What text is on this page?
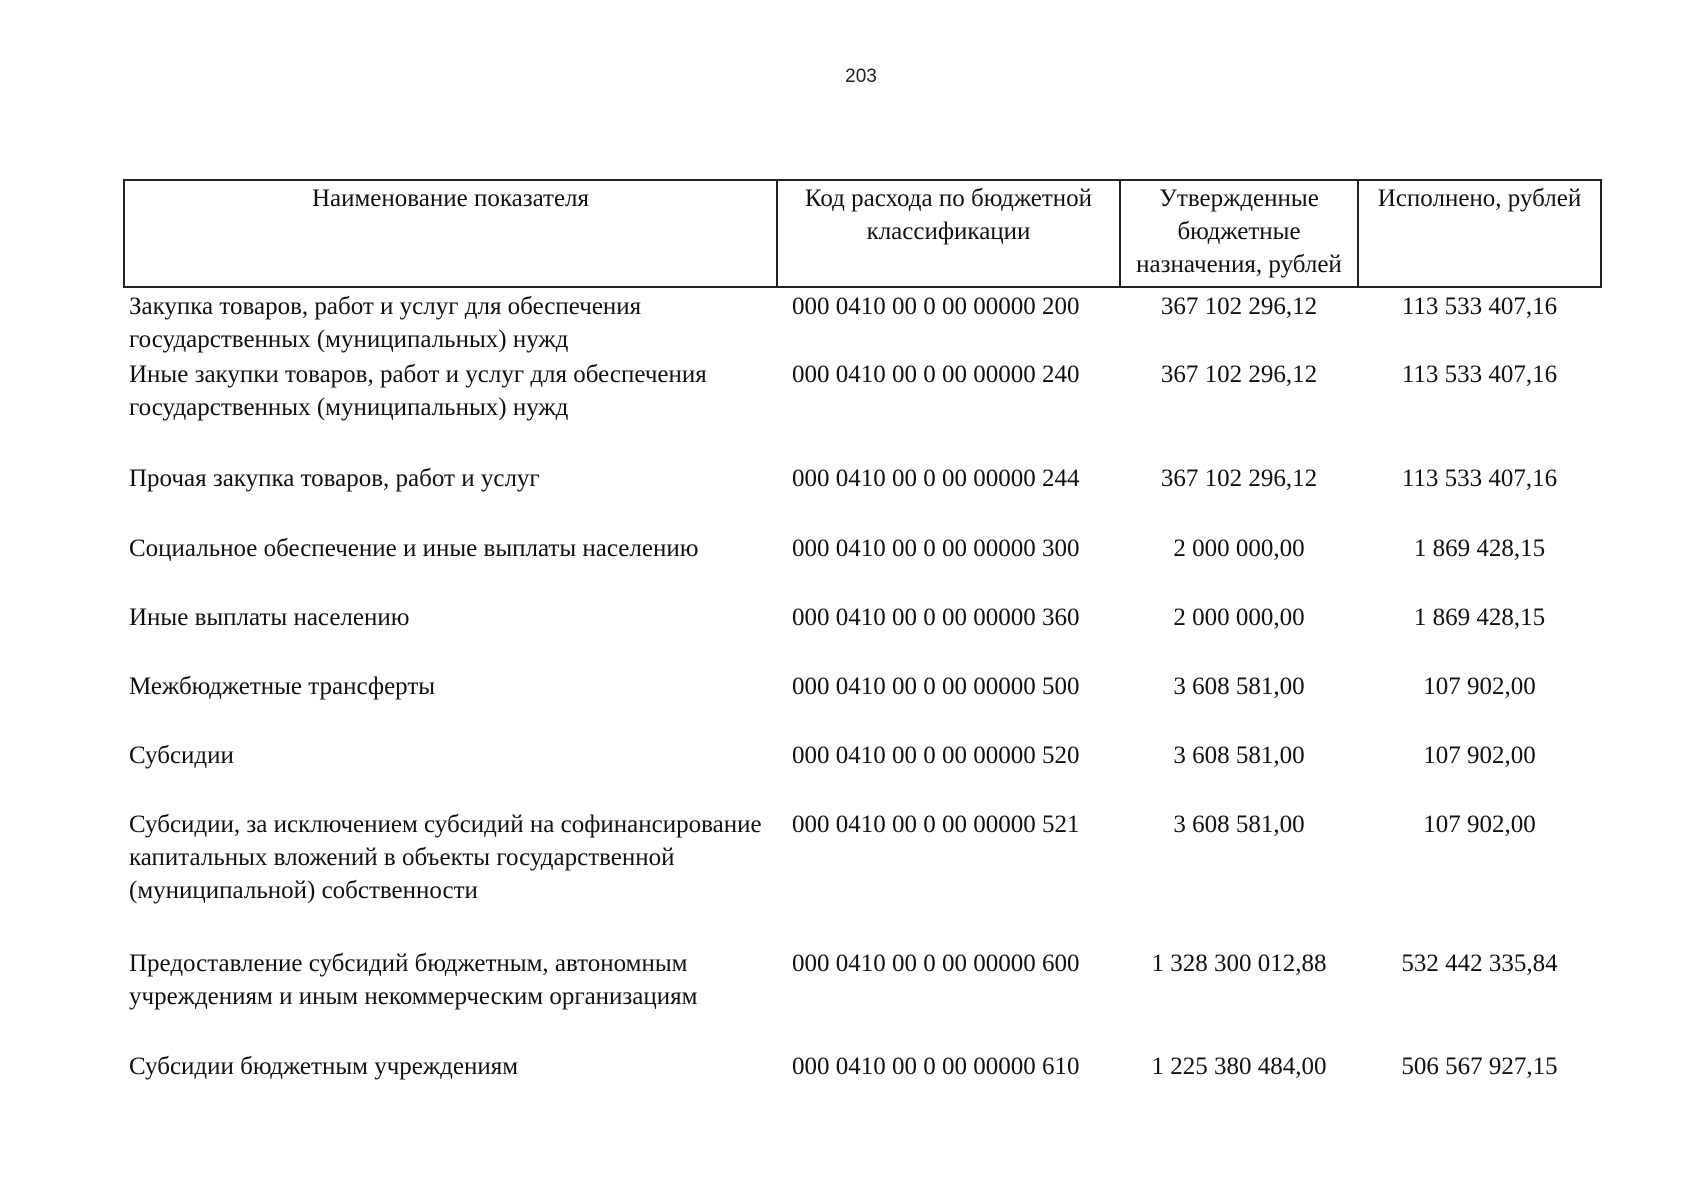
203
Наименование показателя	Код расхода по бюджетной классификации	Утвержденные бюджетные назначения, рублей	Исполнено, рублей
Закупка товаров, работ и услуг для обеспечения государственных (муниципальных) нужд	000 0410 00 0 00 00000 200	367 102 296,12	113 533 407,16
Иные закупки товаров, работ и услуг для обеспечения государственных (муниципальных) нужд	000 0410 00 0 00 00000 240	367 102 296,12	113 533 407,16
Прочая закупка товаров, работ и услуг	000 0410 00 0 00 00000 244	367 102 296,12	113 533 407,16
Социальное обеспечение и иные выплаты населению	000 0410 00 0 00 00000 300	2 000 000,00	1 869 428,15
Иные выплаты населению	000 0410 00 0 00 00000 360	2 000 000,00	1 869 428,15
Межбюджетные трансферты	000 0410 00 0 00 00000 500	3 608 581,00	107 902,00
Субсидии	000 0410 00 0 00 00000 520	3 608 581,00	107 902,00
Субсидии, за исключением субсидий на софинансирование капитальных вложений в объекты государственной (муниципальной) собственности	000 0410 00 0 00 00000 521	3 608 581,00	107 902,00
Предоставление субсидий бюджетным, автономным учреждениям и иным некоммерческим организациям	000 0410 00 0 00 00000 600	1 328 300 012,88	532 442 335,84
Субсидии бюджетным учреждениям	000 0410 00 0 00 00000 610	1 225 380 484,00	506 567 927,15
